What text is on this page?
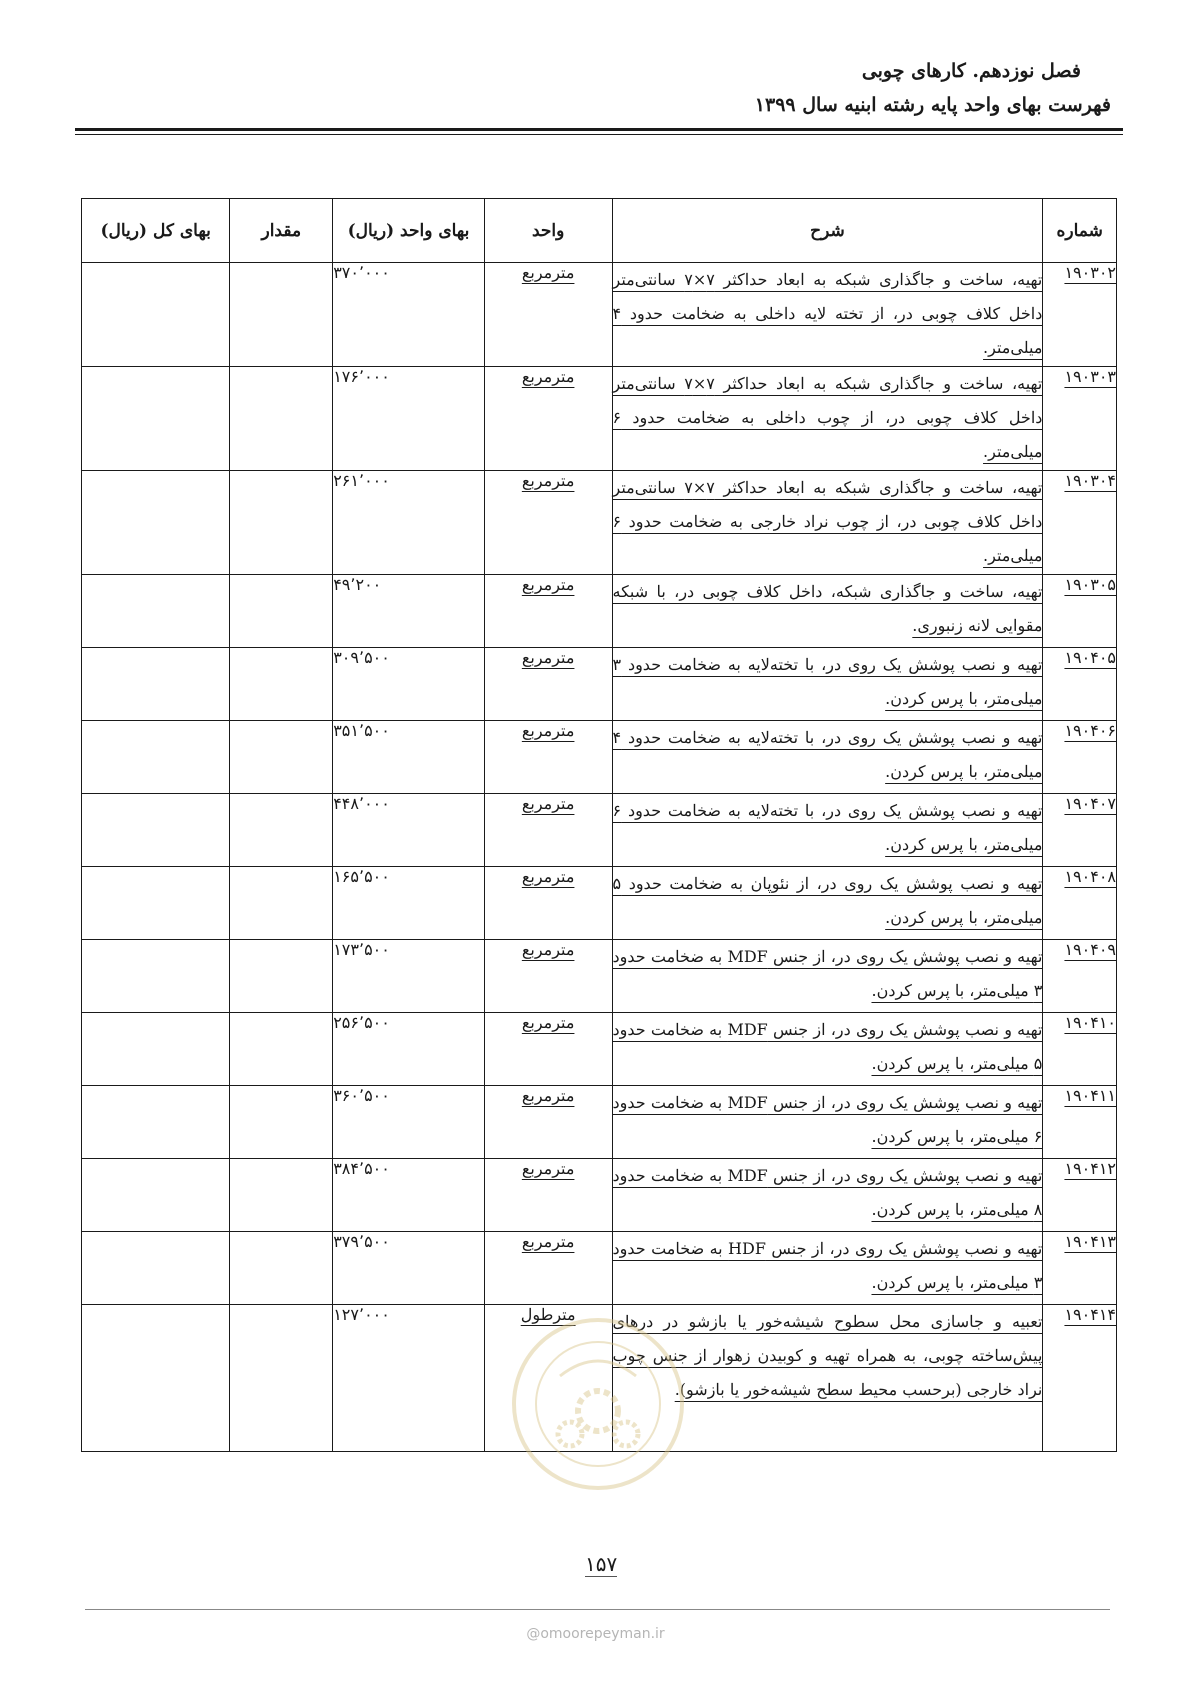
فصل نوزدهم. کارهای چوبی
فهرست بهای واحد پایه رشته ابنیه سال ۱۳۹۹
شماره	شرح	واحد	بهای واحد (ریال)	مقدار	بهای کل (ریال)
۱۹۰۳۰۲	تهیه، ساخت و جاگذاری شبکه به ابعاد حداکثر ۷×۷ سانتی‌متر داخل کلاف چوبی در، از تخته لایه داخلی به ضخامت حدود ۴ میلی‌متر.	مترمربع	۳۷۰٬۰۰۰		
۱۹۰۳۰۳	تهیه، ساخت و جاگذاری شبکه به ابعاد حداکثر ۷×۷ سانتی‌متر داخل کلاف چوبی در، از چوب داخلی به ضخامت حدود ۶ میلی‌متر.	مترمربع	۱۷۶٬۰۰۰		
۱۹۰۳۰۴	تهیه، ساخت و جاگذاری شبکه به ابعاد حداکثر ۷×۷ سانتی‌متر داخل کلاف چوبی در، از چوب نراد خارجی به ضخامت حدود ۶ میلی‌متر.	مترمربع	۲۶۱٬۰۰۰		
۱۹۰۳۰۵	تهیه، ساخت و جاگذاری شبکه، داخل کلاف چوبی در، با شبکه مقوایی لانه زنبوری.	مترمربع	۴۹٬۲۰۰		
۱۹۰۴۰۵	تهیه و نصب پوشش یک روی در، با تخته‌لایه به ضخامت حدود ۳ میلی‌متر، با پرس کردن.	مترمربع	۳۰۹٬۵۰۰		
۱۹۰۴۰۶	تهیه و نصب پوشش یک روی در، با تخته‌لایه به ضخامت حدود ۴ میلی‌متر، با پرس کردن.	مترمربع	۳۵۱٬۵۰۰		
۱۹۰۴۰۷	تهیه و نصب پوشش یک روی در، با تخته‌لایه به ضخامت حدود ۶ میلی‌متر، با پرس کردن.	مترمربع	۴۴۸٬۰۰۰		
۱۹۰۴۰۸	تهیه و نصب پوشش یک روی در، از نئوپان به ضخامت حدود ۵ میلی‌متر، با پرس کردن.	مترمربع	۱۶۵٬۵۰۰		
۱۹۰۴۰۹	تهیه و نصب پوشش یک روی در، از جنس MDF به ضخامت حدود ۳ میلی‌متر، با پرس کردن.	مترمربع	۱۷۳٬۵۰۰		
۱۹۰۴۱۰	تهیه و نصب پوشش یک روی در، از جنس MDF به ضخامت حدود ۵ میلی‌متر، با پرس کردن.	مترمربع	۲۵۶٬۵۰۰		
۱۹۰۴۱۱	تهیه و نصب پوشش یک روی در، از جنس MDF به ضخامت حدود ۶ میلی‌متر، با پرس کردن.	مترمربع	۳۶۰٬۵۰۰		
۱۹۰۴۱۲	تهیه و نصب پوشش یک روی در، از جنس MDF به ضخامت حدود ۸ میلی‌متر، با پرس کردن.	مترمربع	۳۸۴٬۵۰۰		
۱۹۰۴۱۳	تهیه و نصب پوشش یک روی در، از جنس HDF به ضخامت حدود ۳ میلی‌متر، با پرس کردن.	مترمربع	۳۷۹٬۵۰۰		
۱۹۰۴۱۴	تعبیه و جاسازی محل سطوح شیشه‌خور یا بازشو در درهای پیش‌ساخته چوبی، به همراه تهیه و کوبیدن زهوار از جنس چوب نراد خارجی (برحسب محیط سطح شیشه‌خور یا بازشو).	مترطول	۱۲۷٬۰۰۰		
۱۵۷
@omoorepeyman.ir
